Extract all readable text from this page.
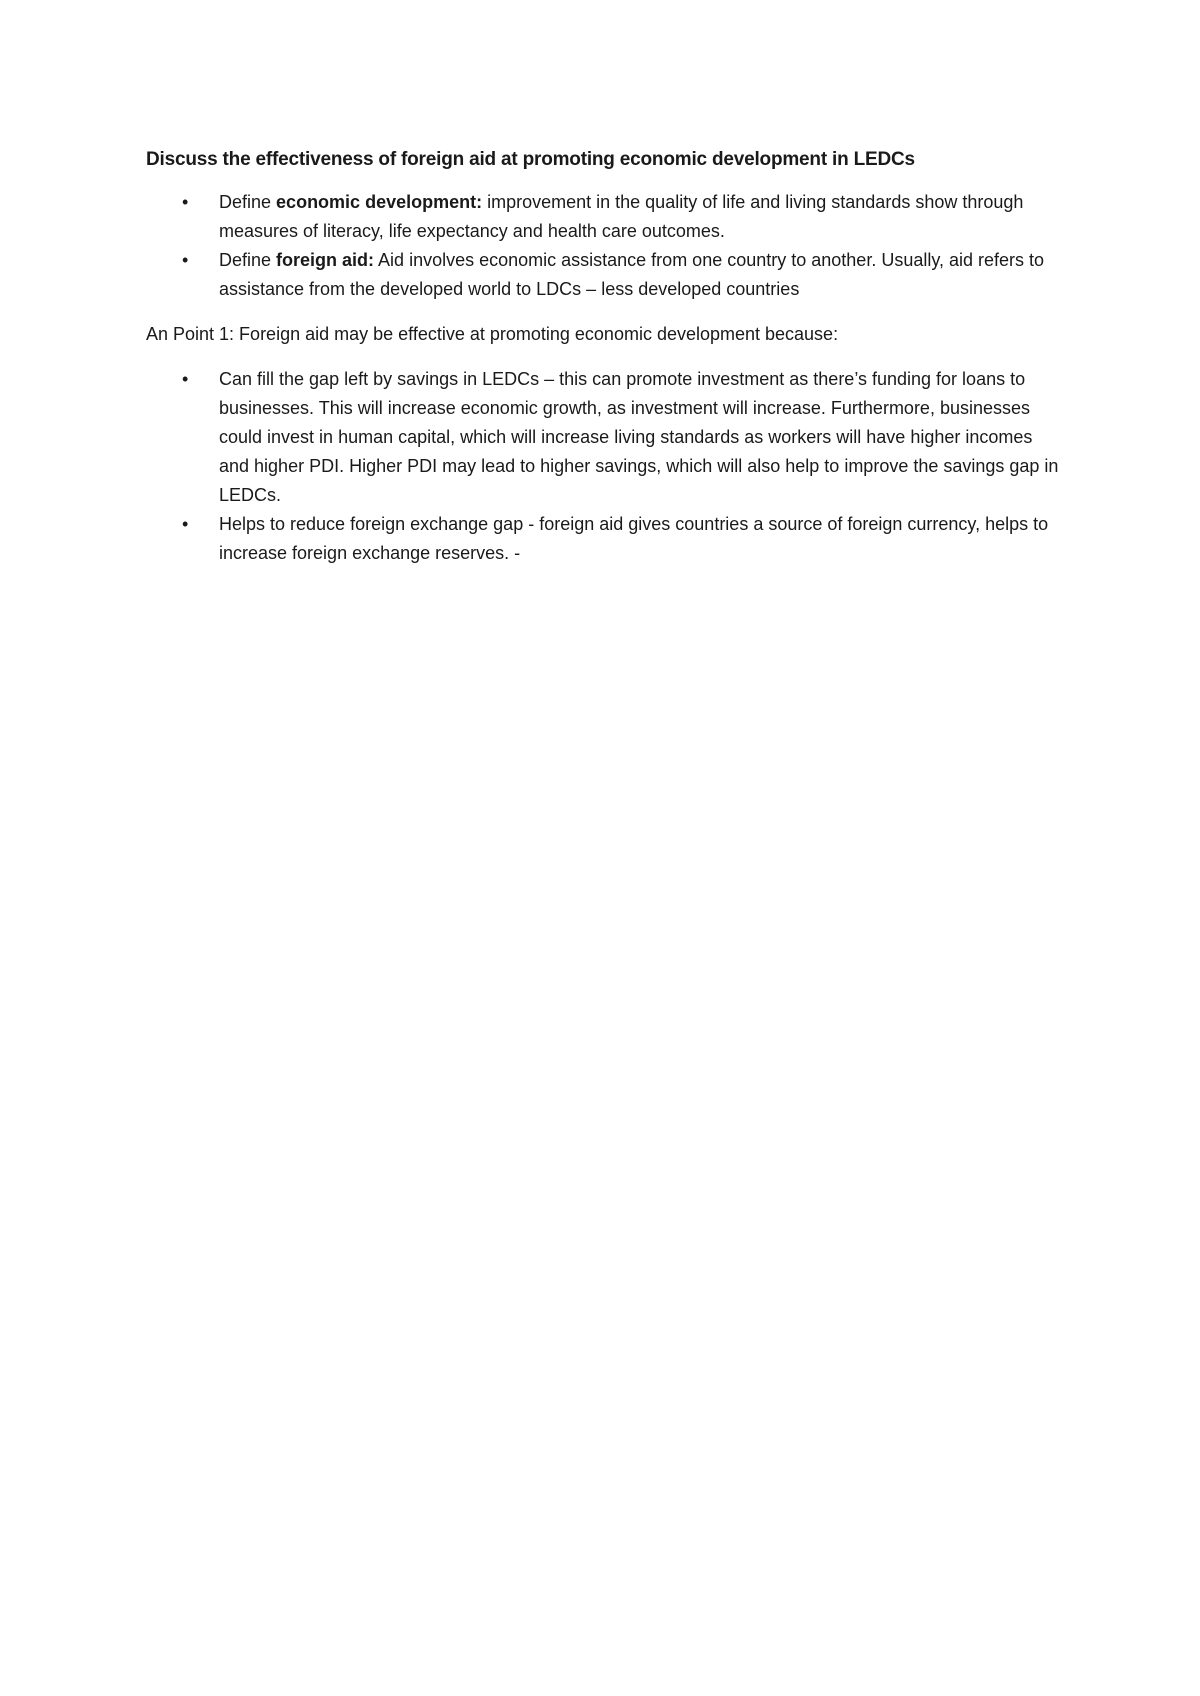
Discuss the effectiveness of foreign aid at promoting economic development in LEDCs
•	Define economic development: improvement in the quality of life and living standards show through measures of literacy, life expectancy and health care outcomes.
•	Define foreign aid: Aid involves economic assistance from one country to another. Usually, aid refers to assistance from the developed world to LDCs – less developed countries
An Point 1: Foreign aid may be effective at promoting economic development because:
•	Can fill the gap left by savings in LEDCs – this can promote investment as there’s funding for loans to businesses. This will increase economic growth, as investment will increase. Furthermore, businesses could invest in human capital, which will increase living standards as workers will have higher incomes and higher PDI. Higher PDI may lead to higher savings, which will also help to improve the savings gap in LEDCs.
•	Helps to reduce foreign exchange gap - foreign aid gives countries a source of foreign currency, helps to increase foreign exchange reserves. -
